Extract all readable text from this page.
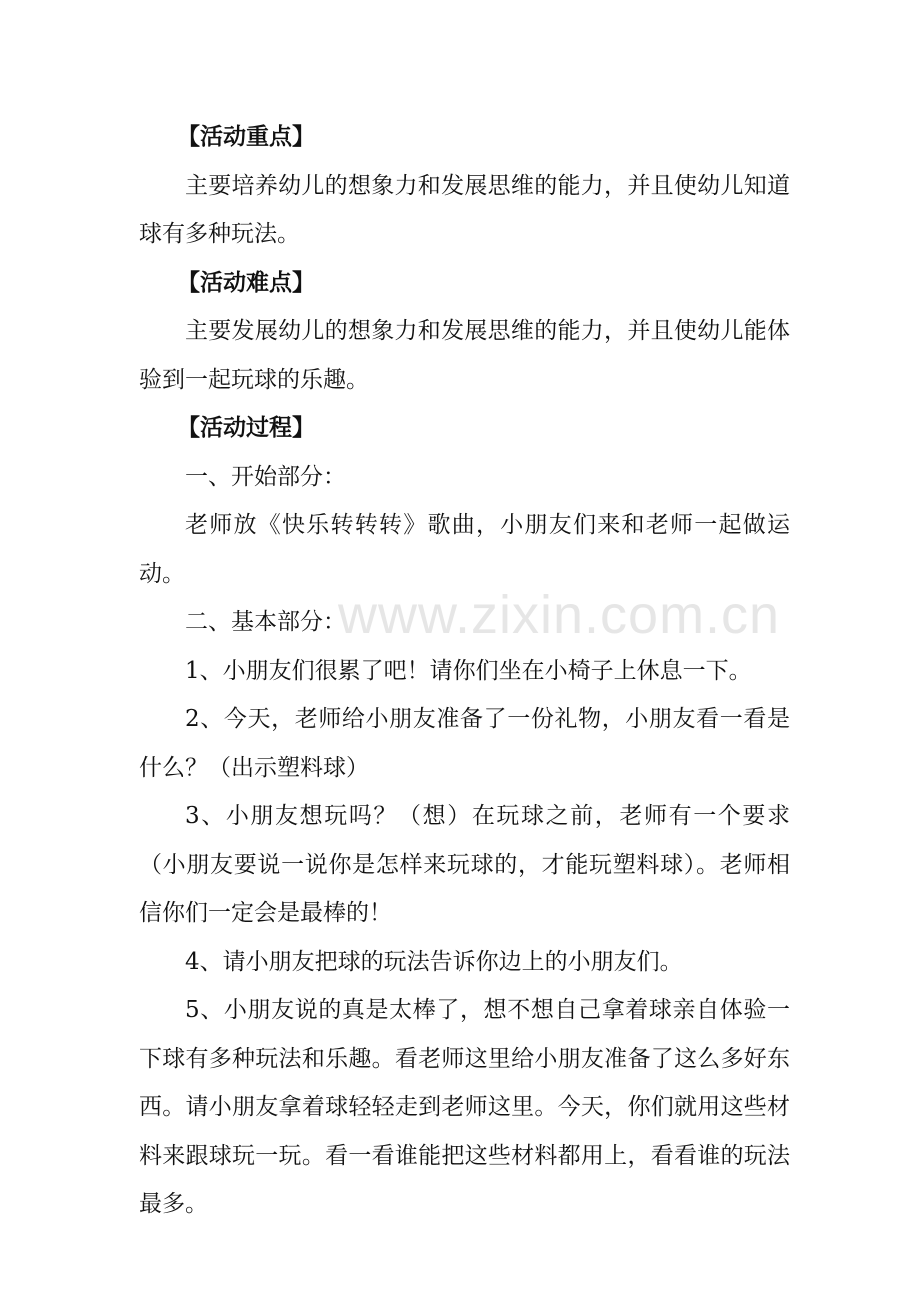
【活动重点】

主要培养幼儿的想象力和发展思维的能力，并且使幼儿知道球有多种玩法。

【活动难点】

主要发展幼儿的想象力和发展思维的能力，并且使幼儿能体验到一起玩球的乐趣。

【活动过程】

一、开始部分：

老师放《快乐转转转》歌曲，小朋友们来和老师一起做运动。

二、基本部分：

1、小朋友们很累了吧！请你们坐在小椅子上休息一下。

2、今天，老师给小朋友准备了一份礼物，小朋友看一看是什么？（出示塑料球）

3、小朋友想玩吗？（想）在玩球之前，老师有一个要求（小朋友要说一说你是怎样来玩球的，才能玩塑料球）。老师相信你们一定会是最棒的！

4、请小朋友把球的玩法告诉你边上的小朋友们。

5、小朋友说的真是太棒了，想不想自己拿着球亲自体验一下球有多种玩法和乐趣。看老师这里给小朋友准备了这么多好东西。请小朋友拿着球轻轻走到老师这里。今天，你们就用这些材料来跟球玩一玩。看一看谁能把这些材料都用上，看看谁的玩法最多。

www.zixin.com.cn
